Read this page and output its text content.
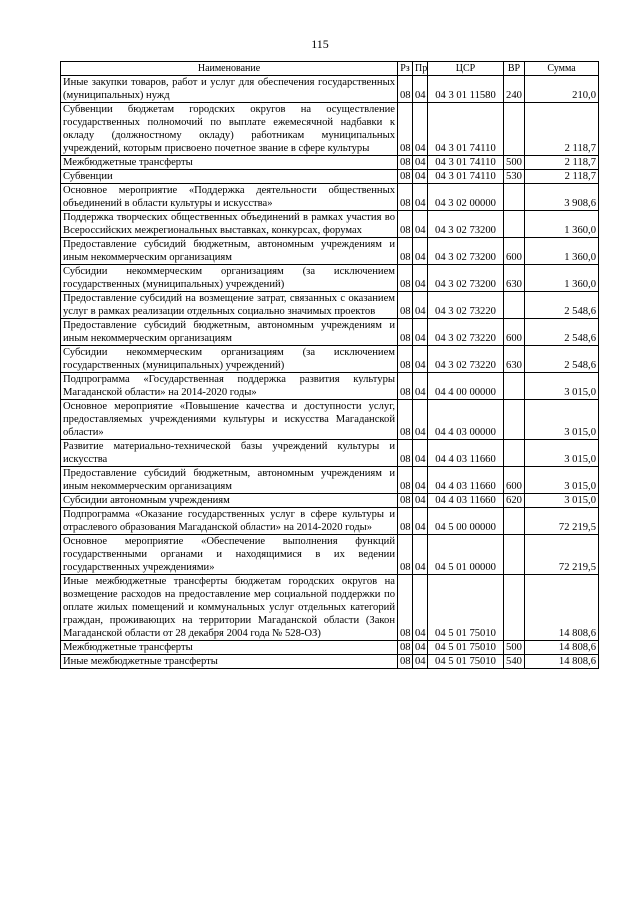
115
Наименование	Рз	Пр	ЦСР	ВР	Сумма
Иные закупки товаров, работ и услуг для обеспечения государственных (муниципальных) нужд	08	04	04 3 01 11580	240	210,0
Субвенции бюджетам городских округов на осуществление государственных полномочий по выплате ежемесячной надбавки к окладу (должностному окладу) работникам муниципальных учреждений, которым присвоено почетное звание в сфере культуры	08	04	04 3 01 74110		2 118,7
Межбюджетные трансферты	08	04	04 3 01 74110	500	2 118,7
Субвенции	08	04	04 3 01 74110	530	2 118,7
Основное мероприятие «Поддержка деятельности общественных объединений в области культуры и искусства»	08	04	04 3 02 00000		3 908,6
Поддержка творческих общественных объединений в рамках участия во Всероссийских межрегиональных выставках, конкурсах, форумах	08	04	04 3 02 73200		1 360,0
Предоставление субсидий бюджетным, автономным учреждениям и иным некоммерческим организациям	08	04	04 3 02 73200	600	1 360,0
Субсидии некоммерческим организациям (за исключением государственных (муниципальных) учреждений)	08	04	04 3 02 73200	630	1 360,0
Предоставление субсидий на возмещение затрат, связанных с оказанием услуг в рамках реализации отдельных социально значимых проектов	08	04	04 3 02 73220		2 548,6
Предоставление субсидий бюджетным, автономным учреждениям и иным некоммерческим организациям	08	04	04 3 02 73220	600	2 548,6
Субсидии некоммерческим организациям (за исключением государственных (муниципальных) учреждений)	08	04	04 3 02 73220	630	2 548,6
Подпрограмма «Государственная поддержка развития культуры Магаданской области» на 2014-2020 годы»	08	04	04 4 00 00000		3 015,0
Основное мероприятие «Повышение качества и доступности услуг, предоставляемых учреждениями культуры и искусства Магаданской области»	08	04	04 4 03 00000		3 015,0
Развитие материально-технической базы учреждений культуры и искусства	08	04	04 4 03 11660		3 015,0
Предоставление субсидий бюджетным, автономным учреждениям и иным некоммерческим организациям	08	04	04 4 03 11660	600	3 015,0
Субсидии автономным учреждениям	08	04	04 4 03 11660	620	3 015,0
Подпрограмма «Оказание государственных услуг в сфере культуры и отраслевого образования Магаданской области» на 2014-2020 годы»	08	04	04 5 00 00000		72 219,5
Основное мероприятие «Обеспечение выполнения функций государственными органами и находящимися в их ведении государственных учреждениями»	08	04	04 5 01 00000		72 219,5
Иные межбюджетные трансферты бюджетам городских округов на возмещение расходов на предоставление мер социальной поддержки по оплате жилых помещений и коммунальных услуг отдельных категорий граждан, проживающих на территории Магаданской области (Закон Магаданской области от 28 декабря 2004 года № 528-ОЗ)	08	04	04 5 01 75010		14 808,6
Межбюджетные трансферты	08	04	04 5 01 75010	500	14 808,6
Иные межбюджетные трансферты	08	04	04 5 01 75010	540	14 808,6
